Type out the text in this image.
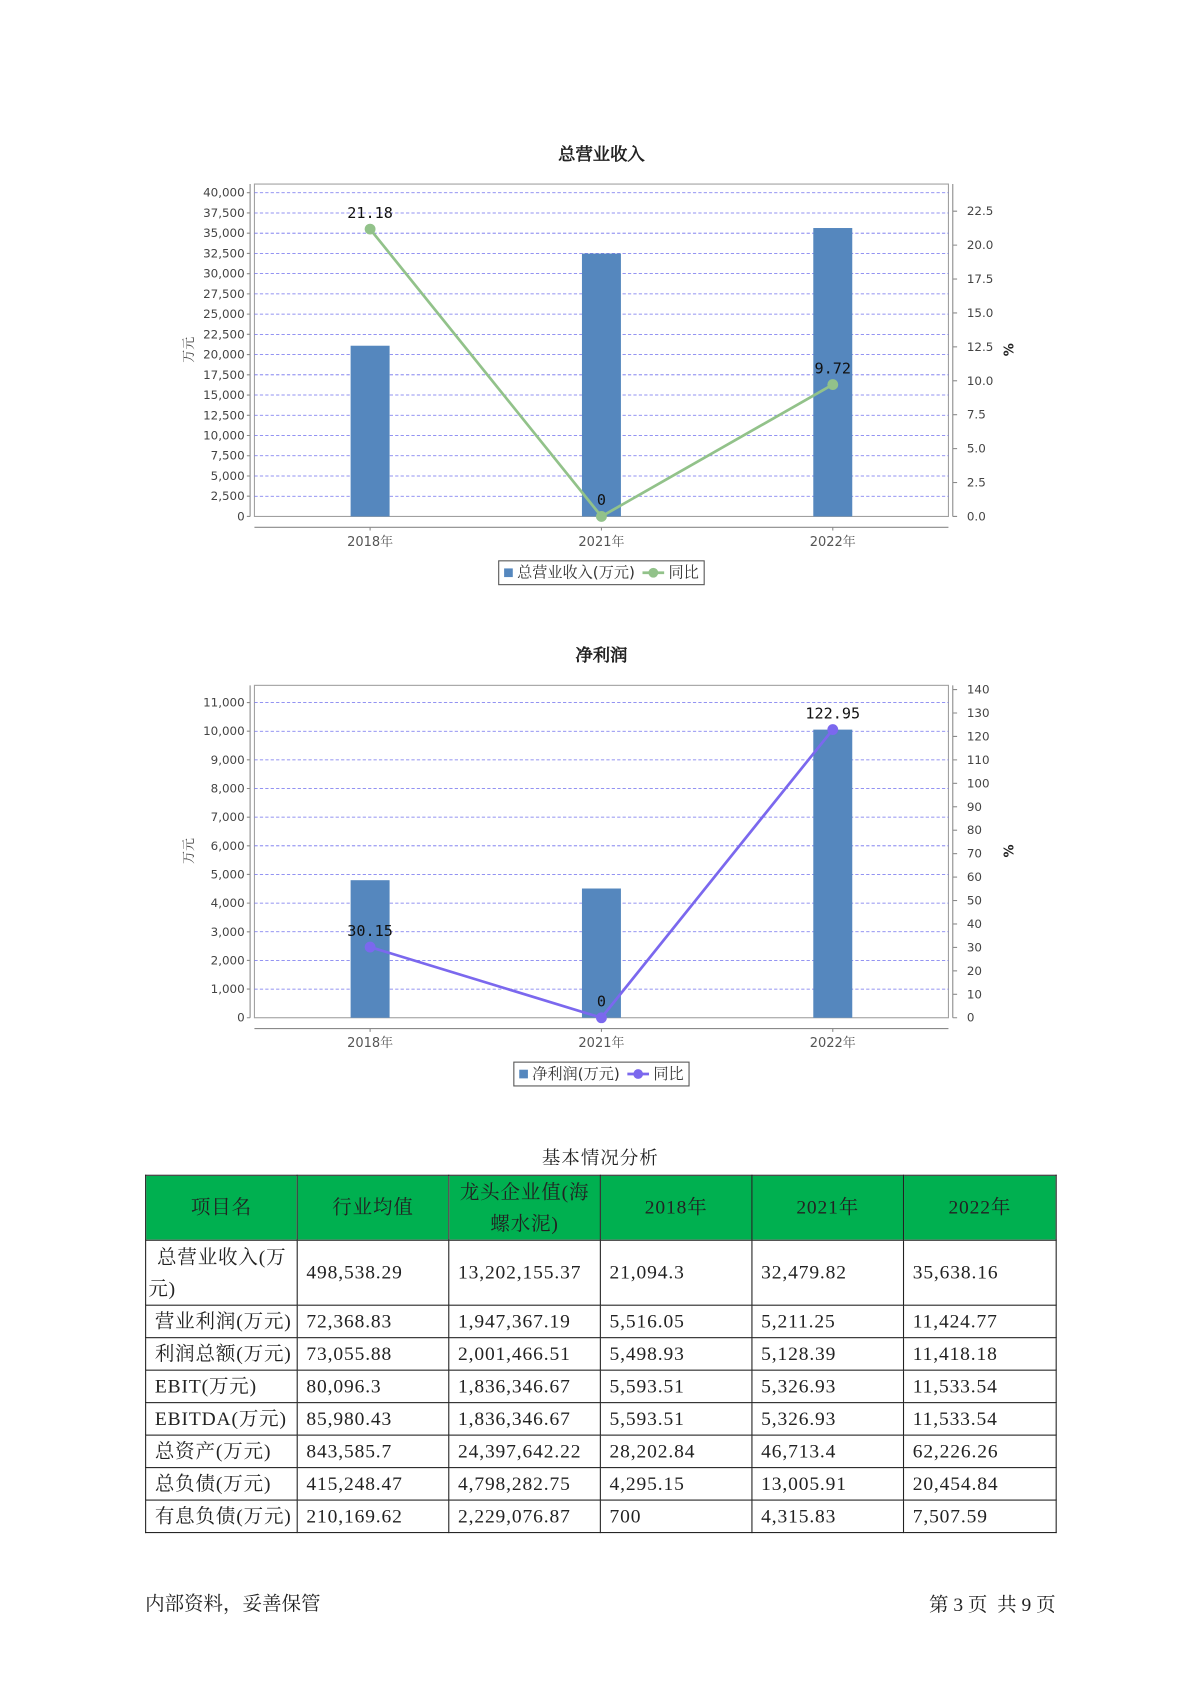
总营业收入
0
2,500
5,000
7,500
10,000
12,500
15,000
17,500
20,000
22,500
25,000
27,500
30,000
32,500
35,000
37,500
40,000
0.0
2.5
5.0
7.5
10.0
12.5
15.0
17.5
20.0
22.5
2018年	2021年	2022年
万元	%
21.18
0
9.72
总营业收入(万元) 同比
净利润
0
1,000
2,000
3,000
4,000
5,000
6,000
7,000
8,000
9,000
10,000
11,000
0
10
20
30
40
50
60
70
80
90
100
110
120
130
140
2018年	2021年	2022年
万元	%
30.15
0
122.95
净利润(万元) 同比
基本情况分析
项目名	行业均值	龙头企业值(海螺水泥)	2018年	2021年	2022年
总营业收入(万元)	498,538.29	13,202,155.37	21,094.3	32,479.82	35,638.16
营业利润(万元)	72,368.83	1,947,367.19	5,516.05	5,211.25	11,424.77
利润总额(万元)	73,055.88	2,001,466.51	5,498.93	5,128.39	11,418.18
EBIT(万元)	80,096.3	1,836,346.67	5,593.51	5,326.93	11,533.54
EBITDA(万元)	85,980.43	1,836,346.67	5,593.51	5,326.93	11,533.54
总资产(万元)	843,585.7	24,397,642.22	28,202.84	46,713.4	62,226.26
总负债(万元)	415,248.47	4,798,282.75	4,295.15	13,005.91	20,454.84
有息负债(万元)	210,169.62	2,229,076.87	700	4,315.83	7,507.59
内部资料，妥善保管	第 3 页  共 9 页
